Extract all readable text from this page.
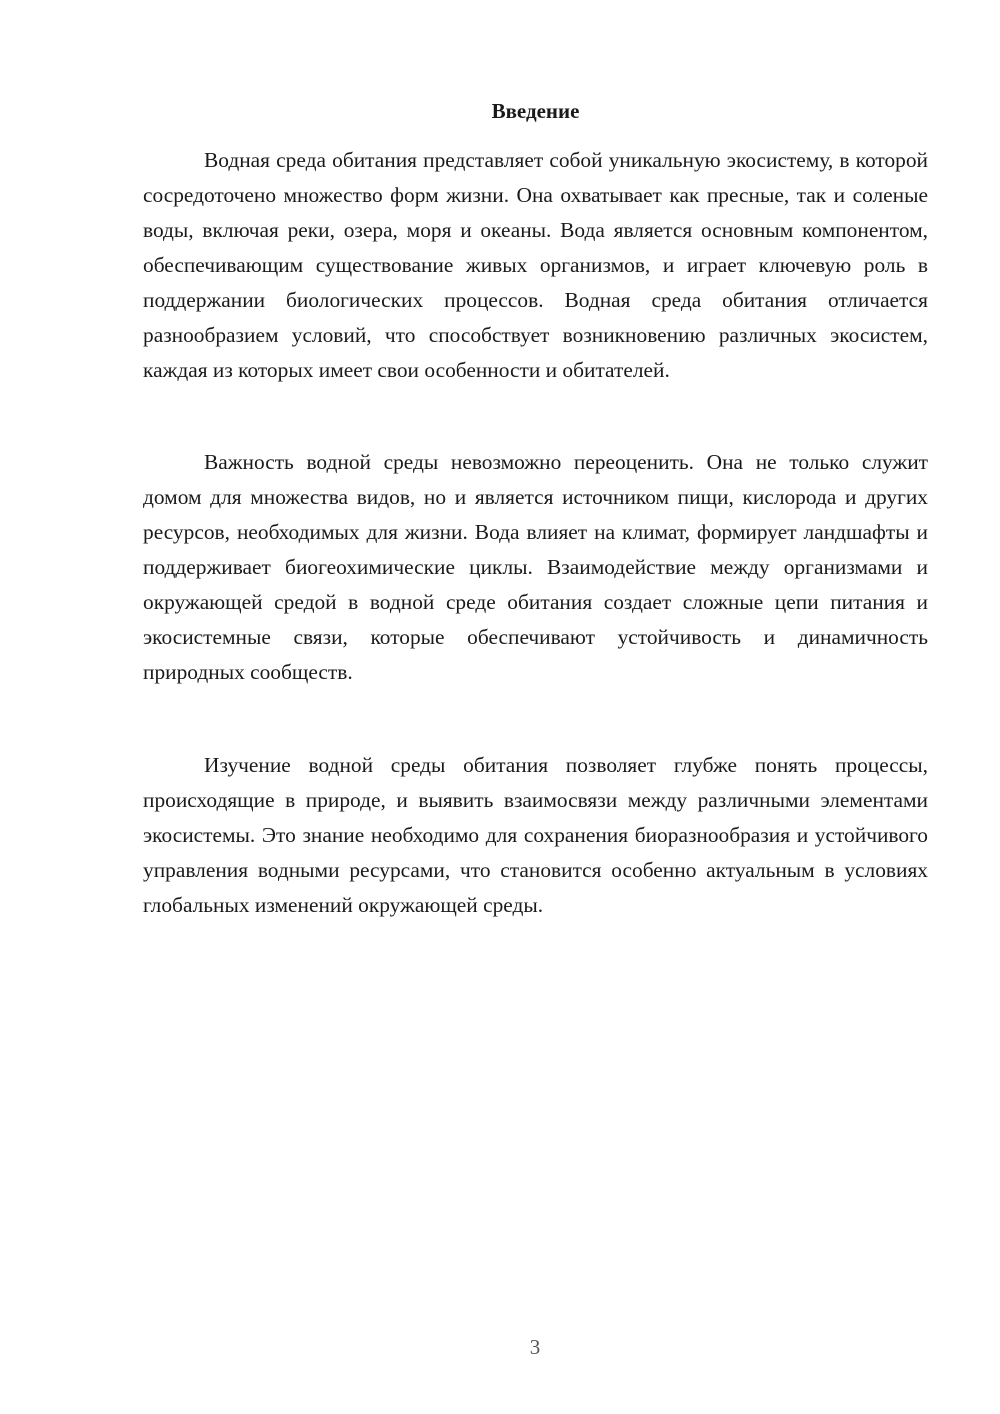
Введение

Водная среда обитания представляет собой уникальную экосистему, в которой сосредоточено множество форм жизни. Она охватывает как пресные, так и соленые воды, включая реки, озера, моря и океаны. Вода является основным компонентом, обеспечивающим существование живых организмов, и играет ключевую роль в поддержании биологических процессов. Водная среда обитания отличается разнообразием условий, что способствует возникновению различных экосистем, каждая из которых имеет свои особенности и обитателей.

Важность водной среды невозможно переоценить. Она не только служит домом для множества видов, но и является источником пищи, кислорода и других ресурсов, необходимых для жизни. Вода влияет на климат, формирует ландшафты и поддерживает биогеохимические циклы. Взаимодействие между организмами и окружающей средой в водной среде обитания создает сложные цепи питания и экосистемные связи, которые обеспечивают устойчивость и динамичность природных сообществ.

Изучение водной среды обитания позволяет глубже понять процессы, происходящие в природе, и выявить взаимосвязи между различными элементами экосистемы. Это знание необходимо для сохранения биоразнообразия и устойчивого управления водными ресурсами, что становится особенно актуальным в условиях глобальных изменений окружающей среды.

3
